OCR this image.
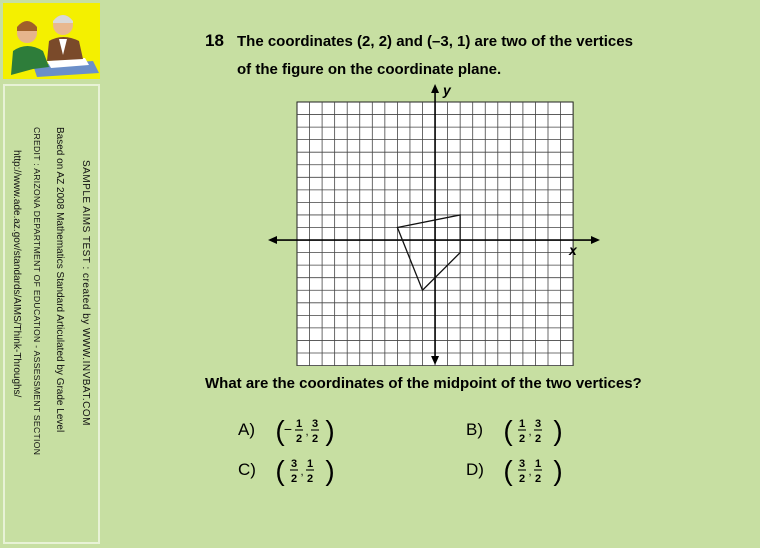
SAMPLE AIMS TEST : created by WWW.INVBAT.COM
Based on AZ 2008 Mathematics Standard Articulated by Grade Level
CREDIT : ARIZONA DEPARTMENT OF EDUCATION - ASSESSMENT SECTION
http://www.ade.az.gov/standards/AIMS/Think-Throughs/
18 The coordinates (2, 2) and (–3, 1) are two of the vertices
of the figure on the coordinate plane.
x
y
What are the coordinates of the midpoint of the two vertices?
A) ( )
− 1
2
,
3
2	B) ( )
1
2
,
3
2
C) ( )
3
2
,
1
2	D) ( )
3
2
,
1
2
